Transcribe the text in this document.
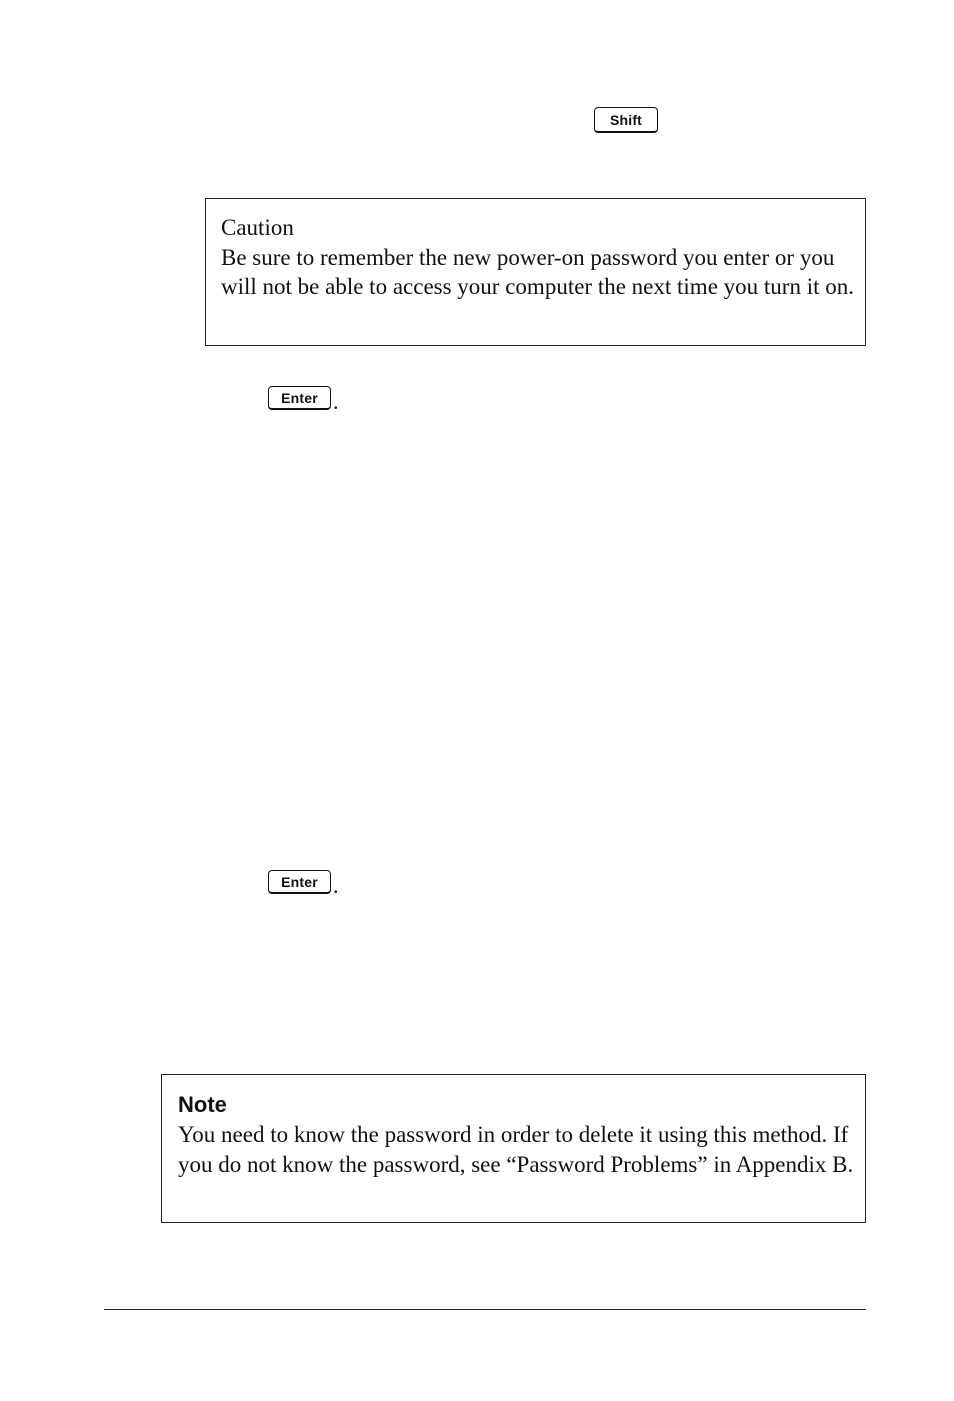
Shift

Caution

Be sure to remember the new power-on password you enter or you will not be able to access your computer the next time you turn it on.

Enter .
Enter .

Note

You need to know the password in order to delete it using this method. If you do not know the password, see “Password Problems” in Appendix B.
